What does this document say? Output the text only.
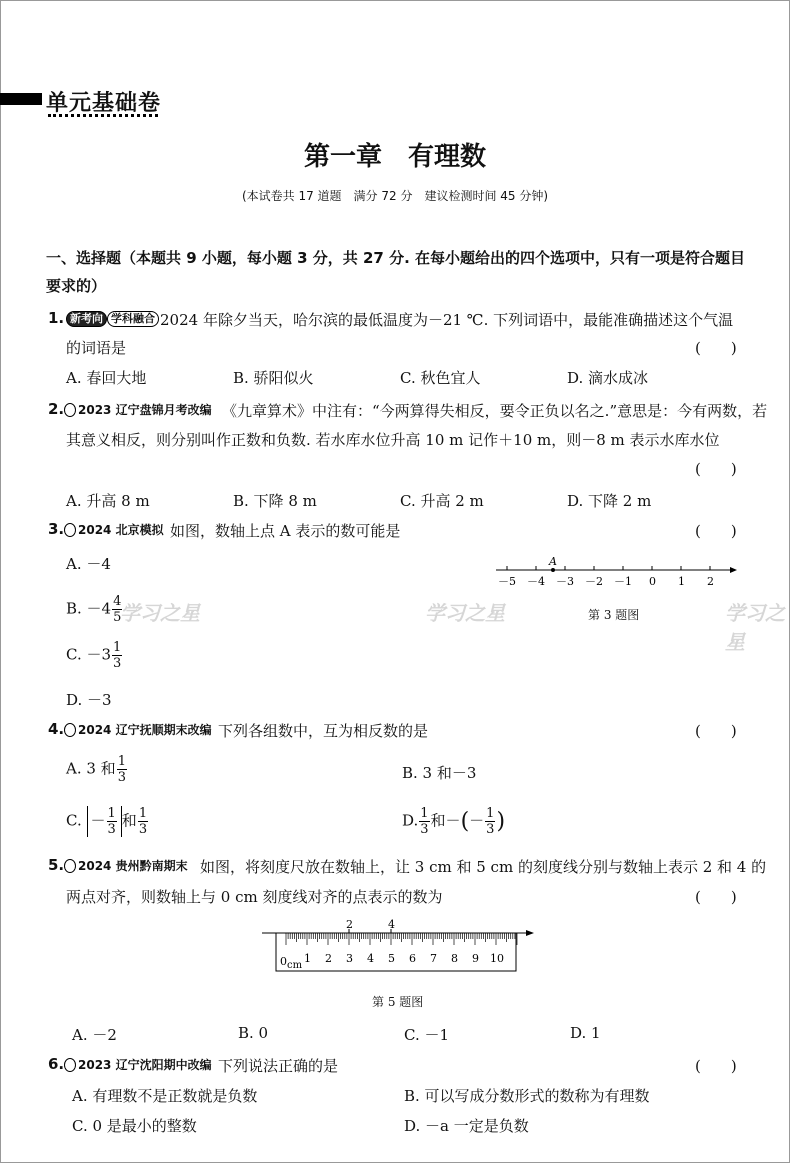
单元基础卷
第一章　有理数
(本试卷共 17 道题　满分 72 分　建议检测时间 45 分钟)
一、选择题（本题共 9 小题，每小题 3 分，共 27 分. 在每小题给出的四个选项中，只有一项是符合题目要求的）
1. 新考向 学科融合 2024 年除夕当天，哈尔滨的最低温度为－21 ℃. 下列词语中，最能准确描述这个气温
的词语是	(　　)
A. 春回大地	B. 骄阳似火	C. 秋色宜人	D. 滴水成冰
2.	2023 辽宁盘锦月考改编 《九章算术》中注有：“今两算得失相反，要令正负以名之.”意思是：今有两数，若
其意义相反，则分别叫作正数和负数. 若水库水位升高 10 m 记作＋10 m，则－8 m 表示水库水位
(　　)
A. 升高 8 m	B. 下降 8 m	C. 升高 2 m	D. 下降 2 m
3.	2024 北京模拟 如图，数轴上点 A 表示的数可能是	(　　)
A. －4
B. $-4 \frac{4}{5}$
C. $-3 \frac{1}{3}$
D. －3
－5 －4 －3 －2 －1 0 1 2
A
第 3 题图
学习之星	学习之星	学习之星
4.	2024 辽宁抚顺期末改编 下列各组数中，互为相反数的是	(　　)
A. 3 和 $\frac{1}{3}$	B. 3 和－3
C. － $\frac{1}{3}$ 和 $\frac{1}{3}$	D. $\frac{1}{3}$ 和－(－ $\frac{1}{3}$ )
5.	2024 贵州黔南期末 如图，将刻度尺放在数轴上，让 3 cm 和 5 cm 的刻度线分别与数轴上表示 2 和 4 的
两点对齐，则数轴上与 0 cm 刻度线对齐的点表示的数为	(　　)
2	4
1 2 3 4 5 6 7 8 9 10
0 cm
第 5 题图
A. －2	B. 0	C. －1	D. 1
6.	2023 辽宁沈阳期中改编 下列说法正确的是	(　　)
A. 有理数不是正数就是负数	B. 可以写成分数形式的数称为有理数
C. 0 是最小的整数	D. －a 一定是负数
